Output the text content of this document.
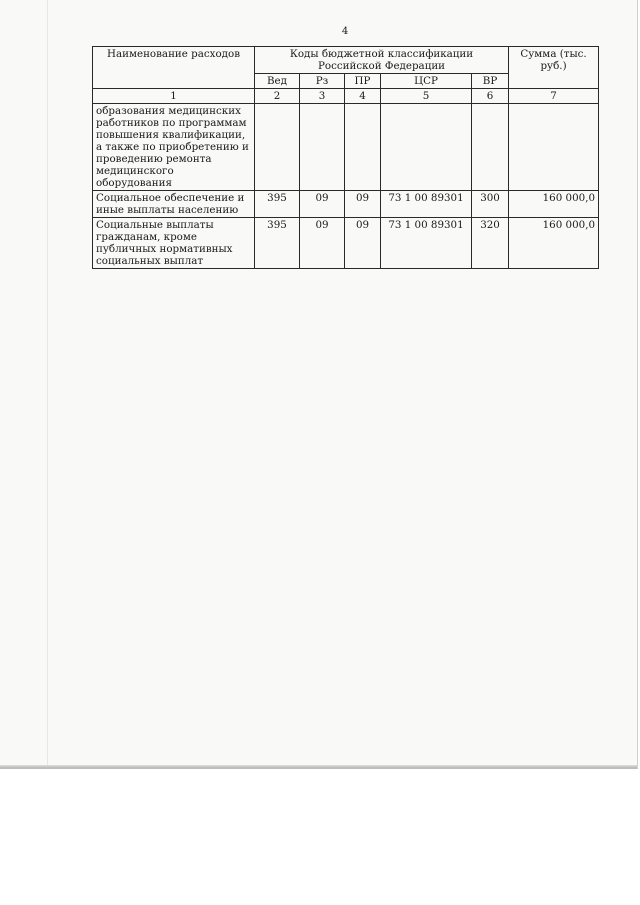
4
Наименование расходов	Коды бюджетной классификации Российской Федерации					Сумма (тыс. руб.)
	Вед	Рз	ПР	ЦСР	ВР	
1	2	3	4	5	6	7
образования медицинских работников по программам повышения квалификации, а также по приобретению и проведению ремонта медицинского оборудования						
Социальное обеспечение и иные выплаты населению	395	09	09	73 1 00 89301	300	160 000,0
Социальные выплаты гражданам, кроме публичных нормативных социальных выплат	395	09	09	73 1 00 89301	320	160 000,0
